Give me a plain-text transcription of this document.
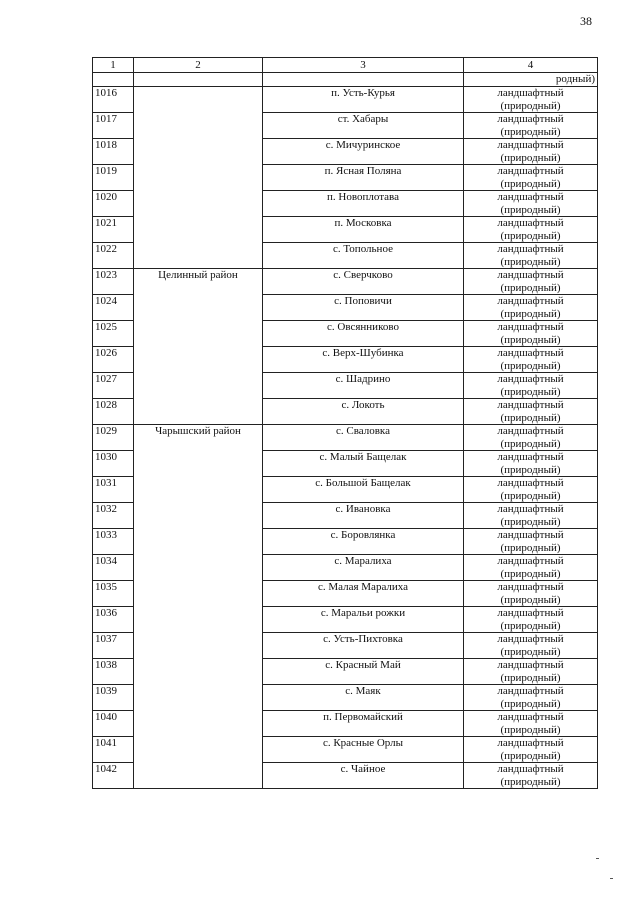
38
1	2	3	4
			родный)
1016		п. Усть-Курья	ландшафтный (природный)
1017		ст. Хабары	ландшафтный (природный)
1018		с. Мичуринское	ландшафтный (природный)
1019		п. Ясная Поляна	ландшафтный (природный)
1020		п. Новоплотава	ландшафтный (природный)
1021		п. Московка	ландшафтный (природный)
1022		с. Топольное	ландшафтный (природный)
1023	Целинный район	с. Сверчково	ландшафтный (природный)
1024		с. Поповичи	ландшафтный (природный)
1025		с. Овсянниково	ландшафтный (природный)
1026		с. Верх-Шубинка	ландшафтный (природный)
1027		с. Шадрино	ландшафтный (природный)
1028		с. Локоть	ландшафтный (природный)
1029	Чарышский район	с. Сваловка	ландшафтный (природный)
1030		с. Малый Бащелак	ландшафтный (природный)
1031		с. Большой Бащелак	ландшафтный (природный)
1032		с. Ивановка	ландшафтный (природный)
1033		с. Боровлянка	ландшафтный (природный)
1034		с. Маралиха	ландшафтный (природный)
1035		с. Малая Маралиха	ландшафтный (природный)
1036		с. Маральи рожки	ландшафтный (природный)
1037		с. Усть-Пихтовка	ландшафтный (природный)
1038		с. Красный Май	ландшафтный (природный)
1039		с. Маяк	ландшафтный (природный)
1040		п. Первомайский	ландшафтный (природный)
1041		с. Красные Орлы	ландшафтный (природный)
1042		с. Чайное	ландшафтный (природный)
